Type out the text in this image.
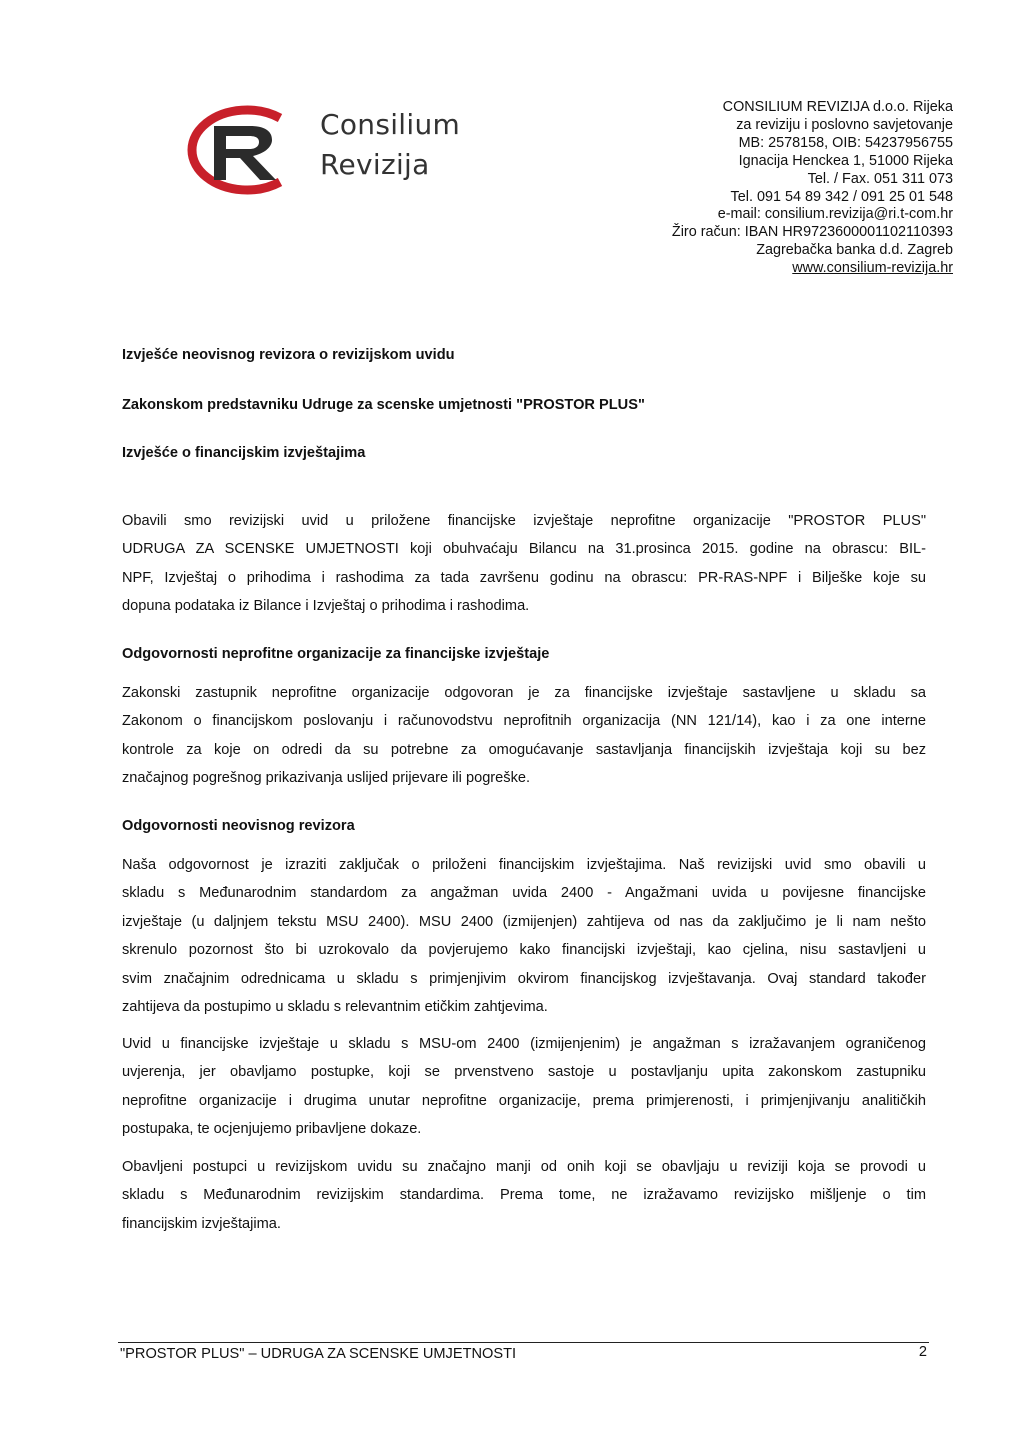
Consilium
Revizija
CONSILIUM REVIZIJA d.o.o. Rijeka
za reviziju i poslovno savjetovanje
MB: 2578158, OIB: 54237956755
Ignacija Henckea 1, 51000 Rijeka
Tel. / Fax. 051 311 073
Tel. 091 54 89 342 / 091 25 01 548
e-mail: consilium.revizija@ri.t-com.hr
Žiro račun: IBAN HR9723600001102110393
Zagrebačka banka d.d. Zagreb
www.consilium-revizija.hr
Izvješće neovisnog revizora o revizijskom uvidu
Zakonskom predstavniku Udruge za scenske umjetnosti "PROSTOR PLUS"
Izvješće o financijskim izvještajima
Obavili smo revizijski uvid u priložene financijske izvještaje neprofitne organizacije "PROSTOR PLUS"
UDRUGA ZA SCENSKE UMJETNOSTI koji obuhvaćaju Bilancu na 31.prosinca 2015. godine na obrascu: BIL-
NPF, Izvještaj o prihodima i rashodima za tada završenu godinu na obrascu: PR-RAS-NPF i Bilješke koje su
dopuna podataka iz Bilance i Izvještaj o prihodima i rashodima.
Odgovornosti neprofitne organizacije za financijske izvještaje
Zakonski zastupnik neprofitne organizacije odgovoran je za financijske izvještaje sastavljene u skladu sa
Zakonom o financijskom poslovanju i računovodstvu neprofitnih organizacija (NN 121/14), kao i za one interne
kontrole za koje on odredi da su potrebne za omogućavanje sastavljanja financijskih izvještaja koji su bez
značajnog pogrešnog prikazivanja uslijed prijevare ili pogreške.
Odgovornosti neovisnog revizora
Naša odgovornost je izraziti zaključak o priloženi financijskim izvještajima. Naš revizijski uvid smo obavili u
skladu s Međunarodnim standardom za angažman uvida 2400 - Angažmani uvida u povijesne financijske
izvještaje (u daljnjem tekstu MSU 2400). MSU 2400 (izmijenjen) zahtijeva od nas da zaključimo je li nam nešto
skrenulo pozornost što bi uzrokovalo da povjerujemo kako financijski izvještaji, kao cjelina, nisu sastavljeni u
svim značajnim odrednicama u skladu s primjenjivim okvirom financijskog izvještavanja. Ovaj standard također
zahtijeva da postupimo u skladu s relevantnim etičkim zahtjevima.
Uvid u financijske izvještaje u skladu s MSU-om 2400 (izmijenjenim) je angažman s izražavanjem ograničenog
uvjerenja, jer obavljamo postupke, koji se prvenstveno sastoje u postavljanju upita zakonskom zastupniku
neprofitne organizacije i drugima unutar neprofitne organizacije, prema primjerenosti, i primjenjivanju analitičkih
postupaka, te ocjenjujemo pribavljene dokaze.
Obavljeni postupci u revizijskom uvidu su značajno manji od onih koji se obavljaju u reviziji koja se provodi u
skladu s Međunarodnim revizijskim standardima. Prema tome, ne izražavamo revizijsko mišljenje o tim
financijskim izvještajima.
"PROSTOR PLUS" – UDRUGA ZA SCENSKE UMJETNOSTI	2
